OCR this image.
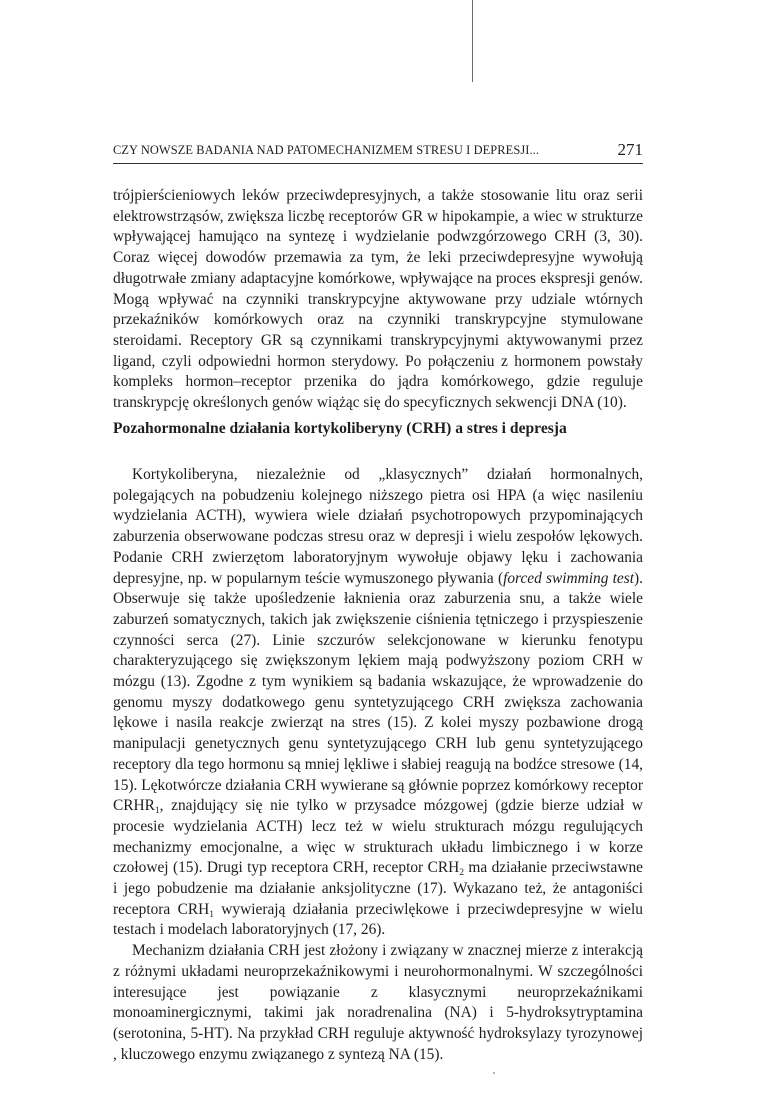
CZY NOWSZE BADANIA NAD PATOMECHANIZMEM STRESU I DEPRESJI...	271

trójpierścieniowych leków przeciwdepresyjnych, a także stosowanie litu oraz serii elektrowstrząsów, zwiększa liczbę receptorów GR w hipokampie, a wiec w strukturze wpływającej hamująco na syntezę i wydzielanie podwzgórzowego CRH (3, 30). Coraz więcej dowodów przemawia za tym, że leki przeciwdepresyjne wywołują długotrwałe zmiany adaptacyjne komórkowe, wpływające na proces ekspresji genów. Mogą wpływać na czynniki transkrypcyjne aktywowane przy udziale wtórnych przekaźników komórkowych oraz na czynniki transkrypcyjne stymulowane steroidami. Receptory GR są czynnikami transkrypcyjnymi aktywowanymi przez ligand, czyli odpowiedni hormon sterydowy. Po połączeniu z hormonem powstały kompleks hormon–receptor przenika do jądra komórkowego, gdzie reguluje transkrypcję określonych genów wiążąc się do specyficznych sekwencji DNA (10).

Pozahormonalne działania kortykoliberyny (CRH) a stres i depresja

Kortykoliberyna, niezależnie od „klasycznych” działań hormonalnych, polegających na pobudzeniu kolejnego niższego pietra osi HPA (a więc nasileniu wydzielania ACTH), wywiera wiele działań psychotropowych przypominających zaburzenia obserwowane podczas stresu oraz w depresji i wielu zespołów lękowych. Podanie CRH zwierzętom laboratoryjnym wywołuje objawy lęku i zachowania depresyjne, np. w popularnym teście wymuszonego pływania (forced swimming test). Obserwuje się także upośledzenie łaknienia oraz zaburzenia snu, a także wiele zaburzeń somatycznych, takich jak zwiększenie ciśnienia tętniczego i przyspieszenie czynności serca (27). Linie szczurów selekcjonowane w kierunku fenotypu charakteryzującego się zwiększonym lękiem mają podwyższony poziom CRH w mózgu (13). Zgodne z tym wynikiem są badania wskazujące, że wprowadzenie do genomu myszy dodatkowego genu syntetyzującego CRH zwiększa zachowania lękowe i nasila reakcje zwierząt na stres (15). Z kolei myszy pozbawione drogą manipulacji genetycznych genu syntetyzującego CRH lub genu syntetyzującego receptory dla tego hormonu są mniej lękliwe i słabiej reagują na bodźce stresowe (14, 15). Lękotwórcze działania CRH wywierane są głównie poprzez komórkowy receptor $CRHR_1$, znajdujący się nie tylko w przysadce mózgowej (gdzie bierze udział w procesie wydzielania ACTH) lecz też w wielu strukturach mózgu regulujących mechanizmy emocjonalne, a więc w strukturach układu limbicznego i w korze czołowej (15). Drugi typ receptora CRH, receptor $CRH_2$ ma działanie przeciwstawne i jego pobudzenie ma działanie anksjolityczne (17). Wykazano też, że antagoniści receptora $CRH_1$ wywierają działania przeciwlękowe i przeciwdepresyjne w wielu testach i modelach laboratoryjnych (17, 26).

Mechanizm działania CRH jest złożony i związany w znacznej mierze z interakcją z różnymi układami neuroprzekaźnikowymi i neurohormonalnymi. W szczególności interesujące jest powiązanie z klasycznymi neuroprzekaźnikami monoaminergicznymi, takimi jak noradrenalina (NA) i 5-hydroksytryptamina (serotonina, 5-HT). Na przykład CRH reguluje aktywność hydroksylazy tyrozynowej , kluczowego enzymu związanego z syntezą NA (15).
